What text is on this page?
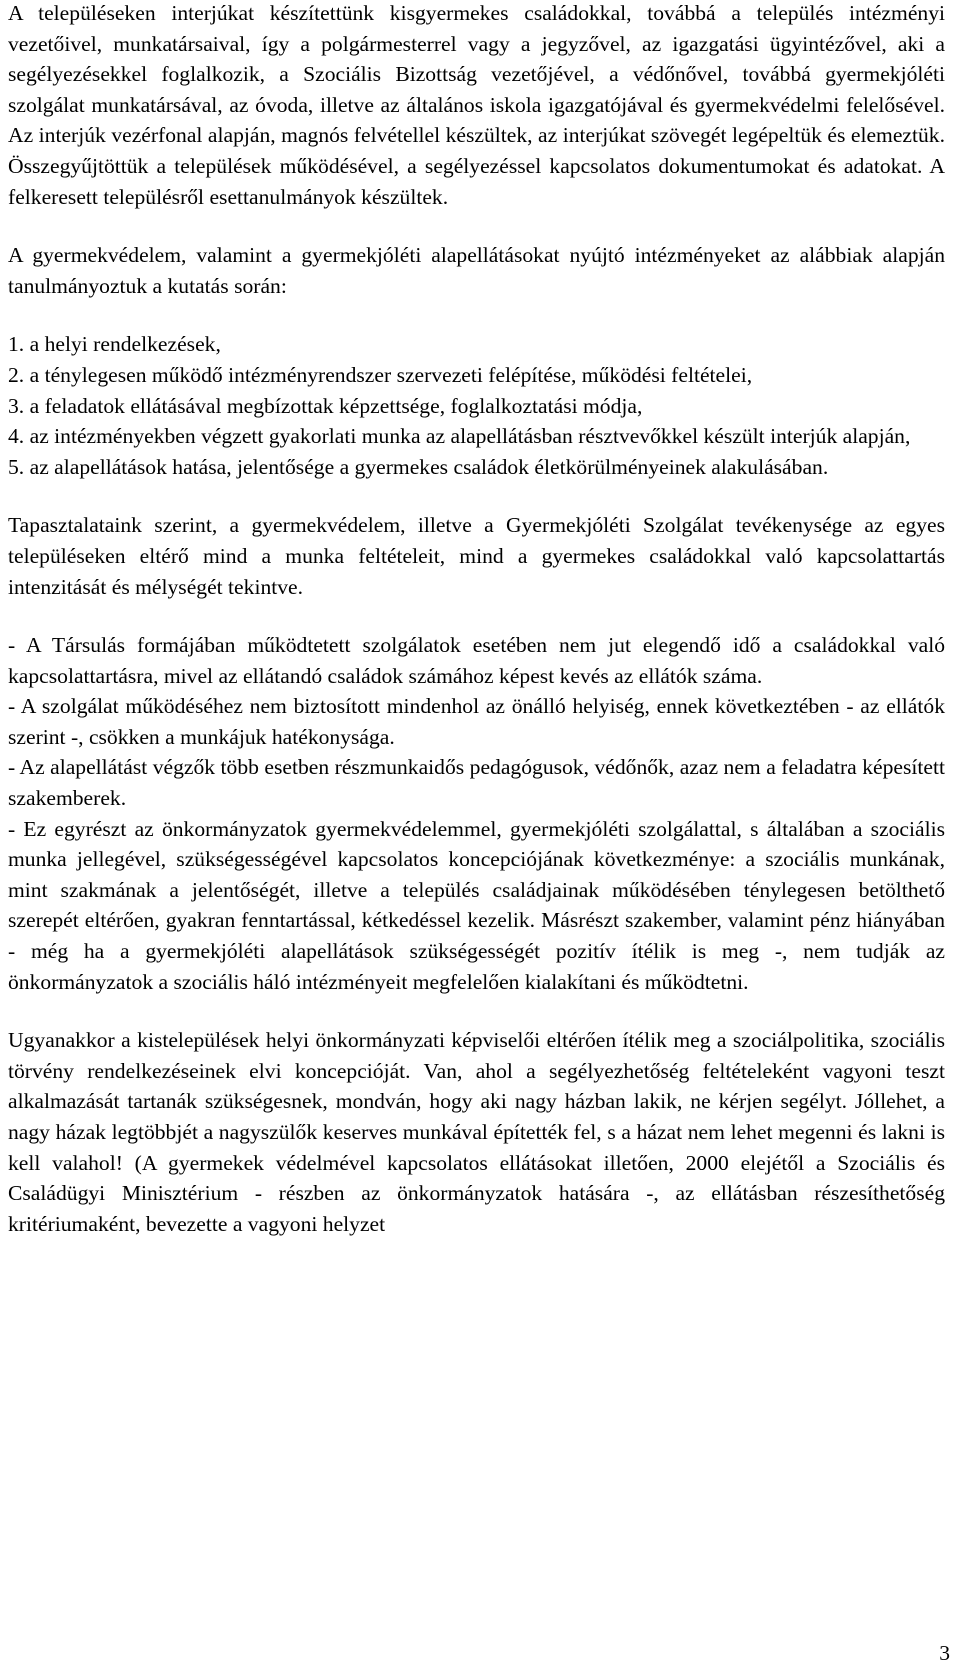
A településeken interjúkat készítettünk kisgyermekes családokkal, továbbá a település intézményi vezetőivel, munkatársaival, így a polgármesterrel vagy a jegyzővel, az igazgatási ügyintézővel, aki a segélyezésekkel foglalkozik, a Szociális Bizottság vezetőjével, a védőnővel, továbbá gyermekjóléti szolgálat munkatársával, az óvoda, illetve az általános iskola igazgatójával és gyermekvédelmi felelősével. Az interjúk vezérfonal alapján, magnós felvétellel készültek, az interjúkat szövegét legépeltük és elemeztük. Összegyűjtöttük a települések működésével, a segélyezéssel kapcsolatos dokumentumokat és adatokat. A felkeresett településről esettanulmányok készültek.

A gyermekvédelem, valamint a gyermekjóléti alapellátásokat nyújtó intézményeket az alábbiak alapján tanulmányoztuk a kutatás során:

1. a helyi rendelkezések,
2. a ténylegesen működő intézményrendszer szervezeti felépítése, működési feltételei,
3. a feladatok ellátásával megbízottak képzettsége, foglalkoztatási módja,
4. az intézményekben végzett gyakorlati munka az alapellátásban résztvevőkkel készült interjúk alapján,
5. az alapellátások hatása, jelentősége a gyermekes családok életkörülményeinek alakulásában.

Tapasztalataink szerint, a gyermekvédelem, illetve a Gyermekjóléti Szolgálat tevékenysége az egyes településeken eltérő mind a munka feltételeit, mind a gyermekes családokkal való kapcsolattartás intenzitását és mélységét tekintve.

- A Társulás formájában működtetett szolgálatok esetében nem jut elegendő idő a családokkal való kapcsolattartásra, mivel az ellátandó családok számához képest kevés az ellátók száma.

- A szolgálat működéséhez nem biztosított mindenhol az önálló helyiség, ennek következtében - az ellátók szerint -, csökken a munkájuk hatékonysága.

- Az alapellátást végzők több esetben részmunkaidős pedagógusok, védőnők, azaz nem a feladatra képesített szakemberek.

- Ez egyrészt az önkormányzatok gyermekvédelemmel, gyermekjóléti szolgálattal, s általában a szociális munka jellegével, szükségességével kapcsolatos koncepciójának következménye: a szociális munkának, mint szakmának a jelentőségét, illetve a település családjainak működésében ténylegesen betölthető szerepét eltérően, gyakran fenntartással, kétkedéssel kezelik. Másrészt szakember, valamint pénz hiányában - még ha a gyermekjóléti alapellátások szükségességét pozitív ítélik is meg -, nem tudják az önkormányzatok a szociális háló intézményeit megfelelően kialakítani és működtetni.

Ugyanakkor a kistelepülések helyi önkormányzati képviselői eltérően ítélik meg a szociálpolitika, szociális törvény rendelkezéseinek elvi koncepcióját. Van, ahol a segélyezhetőség feltételeként vagyoni teszt alkalmazását tartanák szükségesnek, mondván, hogy aki nagy házban lakik, ne kérjen segélyt. Jóllehet, a nagy házak legtöbbjét a nagyszülők keserves munkával építették fel, s a házat nem lehet megenni és lakni is kell valahol! (A gyermekek védelmével kapcsolatos ellátásokat illetően, 2000 elejétől a Szociális és Családügyi Minisztérium - részben az önkormányzatok hatására -, az ellátásban részesíthetőség kritériumaként, bevezette a vagyoni helyzet

3
